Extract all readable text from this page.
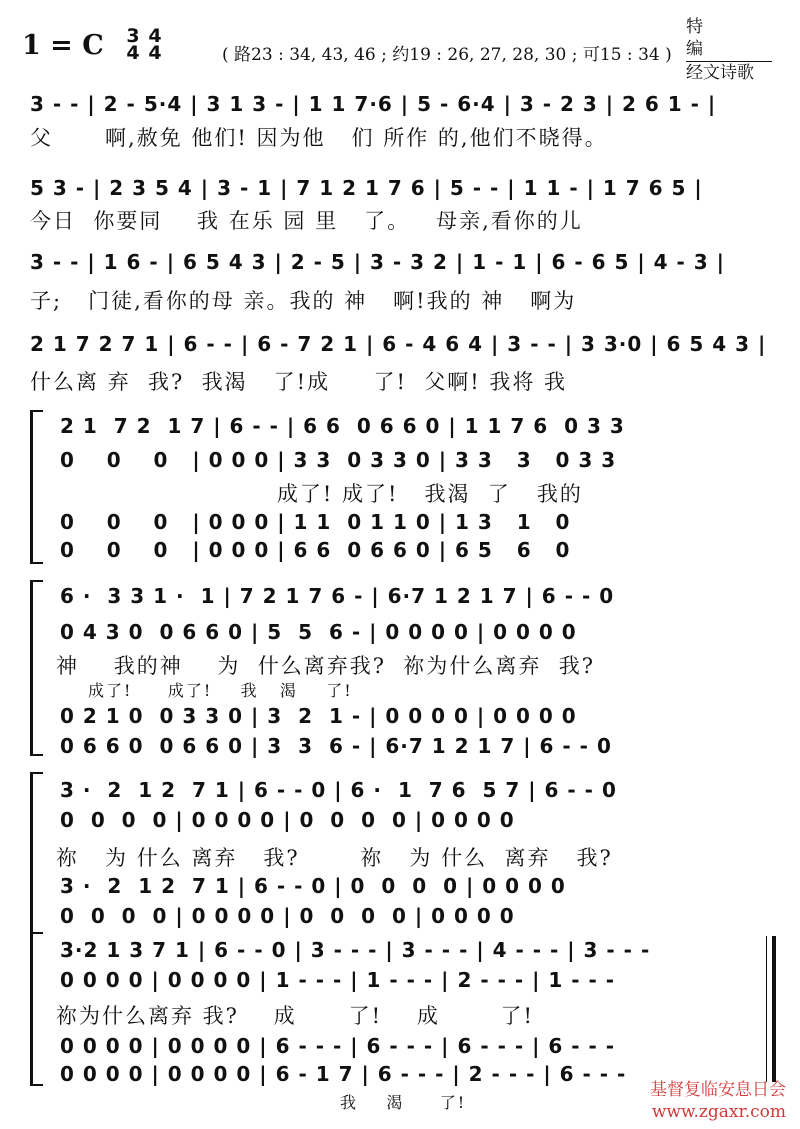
1 = C 3
4
4
4	( 路23 : 34, 43, 46 ; 约19 : 26, 27, 28, 30 ; 可15 : 34 )
特编
经文诗歌
3 - - | 2 - 5·4 | 3 1 3 - | 1 1 7·6 | 5 - 6·4 | 3 - 2 3 | 2 6 1 - |
父      啊,赦免 他们! 因为他   们 所作 的,他们不晓得。
5 3 - | 2 3 5 4 | 3 - 1 | 7 1 2 1 7 6 | 5 - - | 1 1 - | 1 7 6 5 |
今日  你要同    我 在乐 园 里   了。   母亲,看你的儿
3 - - | 1 6 - | 6 5 4 3 | 2 - 5 | 3 - 3 2 | 1 - 1 | 6 - 6 5 | 4 - 3 |
子;   门徒,看你的母 亲。我的 神   啊!我的 神   啊为
2 1 7 2 7 1 | 6 - - | 6 - 7 2 1 | 6 - 4 6 4 | 3 - - | 3 3·0 | 6 5 4 3 |
什么离 弃  我?  我渴   了!成     了!  父啊! 我将 我
2 1  7 2  1 7 | 6 - - | 6 6  0 6 6 0 | 1 1 7 6  0 3 3
0    0    0   | 0 0 0 | 3 3  0 3 3 0 | 3 3   3   0 3 3
成了! 成了!   我渴  了   我的
0    0    0   | 0 0 0 | 1 1  0 1 1 0 | 1 3   1   0
0    0    0   | 0 0 0 | 6 6  0 6 6 0 | 6 5   6   0
6 ·  3 3 1 ·  1 | 7 2 1 7 6 - | 6·7 1 2 1 7 | 6 - - 0
0 4 3 0  0 6 6 0 | 5  5  6 - | 0 0 0 0 | 0 0 0 0
神    我的神    为  什么离弃我?  祢为什么离弃  我?
成了!     成了!    我   渴    了!
0 2 1 0  0 3 3 0 | 3  2  1 - | 0 0 0 0 | 0 0 0 0
0 6 6 0  0 6 6 0 | 3  3  6 - | 6·7 1 2 1 7 | 6 - - 0
3 ·  2  1 2  7 1 | 6 - - 0 | 6 ·  1  7 6  5 7 | 6 - - 0
0  0  0  0 | 0 0 0 0 | 0  0  0  0 | 0 0 0 0
祢   为 什么 离弃   我?       祢   为 什么  离弃   我?
3 ·  2  1 2  7 1 | 6 - - 0 | 0  0  0  0 | 0 0 0 0
0  0  0  0 | 0 0 0 0 | 0  0  0  0 | 0 0 0 0
3·2 1 3 7 1 | 6 - - 0 | 3 - - - | 3 - - - | 4 - - - | 3 - - -
0 0 0 0 | 0 0 0 0 | 1 - - - | 1 - - - | 2 - - - | 1 - - -
祢为什么离弃 我?    成      了!    成       了!
0 0 0 0 | 0 0 0 0 | 6 - - - | 6 - - - | 6 - - - | 6 - - -
0 0 0 0 | 0 0 0 0 | 6 - 1 7 | 6 - - - | 2 - - - | 6 - - -
我    渴     了!
基督复临安息日会
www.zgaxr.com
